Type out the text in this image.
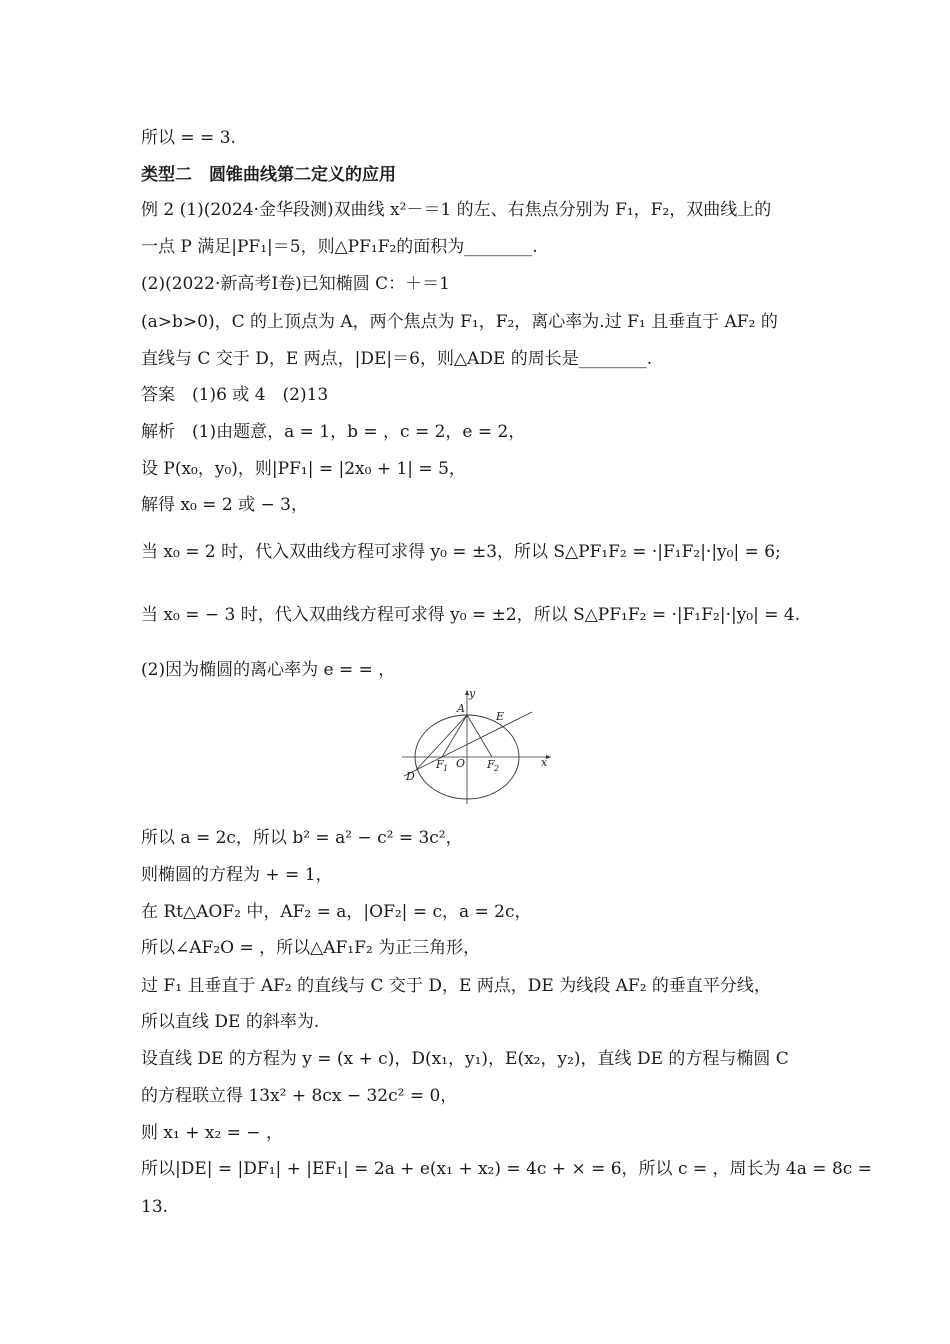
所以 = = 3.
类型二　圆锥曲线第二定义的应用
例 2 (1)(2024·金华段测)双曲线 x²－＝1 的左、右焦点分别为 F₁，F₂，双曲线上的
一点 P 满足|PF₁|＝5，则△PF₁F₂的面积为________.
(2)(2022·新高考Ⅰ卷)已知椭圆 C：＋＝1
(a>b>0)，C 的上顶点为 A，两个焦点为 F₁，F₂，离心率为.过 F₁ 且垂直于 AF₂ 的
直线与 C 交于 D，E 两点，|DE|＝6，则△ADE 的周长是________.
答案　(1)6 或 4　(2)13
解析　(1)由题意，a = 1，b = ，c = 2，e = 2，
设 P(x₀，y₀)，则|PF₁| = |2x₀ + 1| = 5，
解得 x₀ = 2 或 − 3，
当 x₀ = 2 时，代入双曲线方程可求得 y₀ = ±3，所以 S△PF₁F₂ = ·|F₁F₂|·|y₀| = 6;
当 x₀ = − 3 时，代入双曲线方程可求得 y₀ = ±2，所以 S△PF₁F₂ = ·|F₁F₂|·|y₀| = 4.
(2)因为椭圆的离心率为 e = = ，
y
x
A
E
F 1 O F 2
D
所以 a = 2c，所以 b² = a² − c² = 3c²，
则椭圆的方程为 + = 1，
在 Rt△AOF₂ 中，AF₂ = a，|OF₂| = c，a = 2c，
所以∠AF₂O = ，所以△AF₁F₂ 为正三角形，
过 F₁ 且垂直于 AF₂ 的直线与 C 交于 D，E 两点，DE 为线段 AF₂ 的垂直平分线，
所以直线 DE 的斜率为.
设直线 DE 的方程为 y = (x + c)，D(x₁，y₁)，E(x₂，y₂)，直线 DE 的方程与椭圆 C
的方程联立得 13x² + 8cx − 32c² = 0，
则 x₁ + x₂ = − ，
所以|DE| = |DF₁| + |EF₁| = 2a + e(x₁ + x₂) = 4c + × = 6，所以 c = ，周长为 4a = 8c =
13.
